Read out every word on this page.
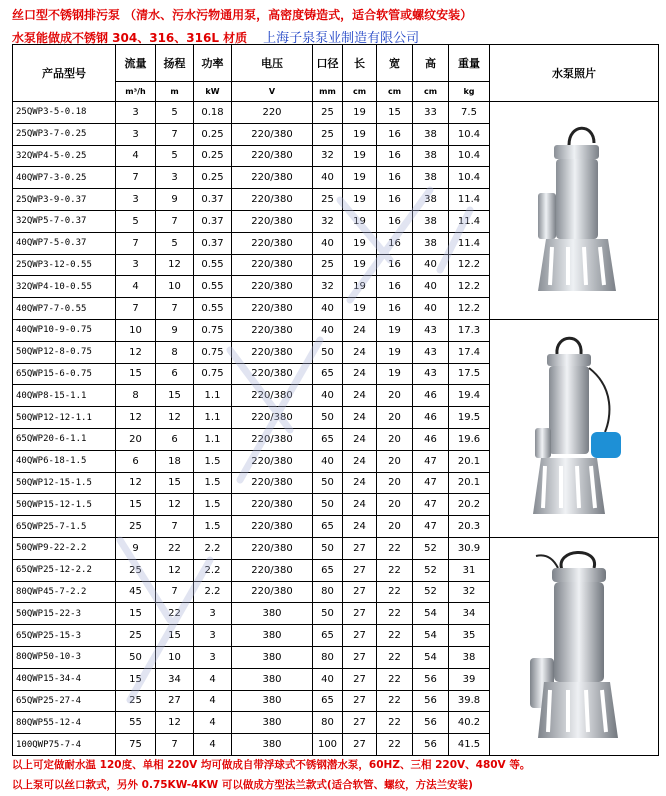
丝口型不锈钢排污泵 （清水、污水污物通用泵，高密度铸造式，适合软管或螺纹安装）
水泵能做成不锈钢 304、316、316L 材质 上海子泉泵业制造有限公司
产品型号	流量	扬程	功率	电压	口径	长	宽	高	重量	水泵照片
	m³/h	m	kW	V	mm	cm	cm	cm	kg	
25QWP3-5-0.18	3	5	0.18	220	25	19	15	33	7.5	

25QWP3-7-0.25	3	7	0.25	220/380	25	19	16	38	10.4	
32QWP4-5-0.25	4	5	0.25	220/380	32	19	16	38	10.4	
40QWP7-3-0.25	7	3	0.25	220/380	40	19	16	38	10.4	
25QWP3-9-0.37	3	9	0.37	220/380	25	19	16	38	11.4	
32QWP5-7-0.37	5	7	0.37	220/380	32	19	16	38	11.4	
40QWP7-5-0.37	7	5	0.37	220/380	40	19	16	38	11.4	
25QWP3-12-0.55	3	12	0.55	220/380	25	19	16	40	12.2	
32QWP4-10-0.55	4	10	0.55	220/380	32	19	16	40	12.2	
40QWP7-7-0.55	7	7	0.55	220/380	40	19	16	40	12.2	
40QWP10-9-0.75	10	9	0.75	220/380	40	24	19	43	17.3	

50QWP12-8-0.75	12	8	0.75	220/380	50	24	19	43	17.4	
65QWP15-6-0.75	15	6	0.75	220/380	65	24	19	43	17.5	
40QWP8-15-1.1	8	15	1.1	220/380	40	24	20	46	19.4	
50QWP12-12-1.1	12	12	1.1	220/380	50	24	20	46	19.5	
65QWP20-6-1.1	20	6	1.1	220/380	65	24	20	46	19.6	
40QWP6-18-1.5	6	18	1.5	220/380	40	24	20	47	20.1	
50QWP12-15-1.5	12	15	1.5	220/380	50	24	20	47	20.1	
50QWP15-12-1.5	15	12	1.5	220/380	50	24	20	47	20.2	
65QWP25-7-1.5	25	7	1.5	220/380	65	24	20	47	20.3	
50QWP9-22-2.2	9	22	2.2	220/380	50	27	22	52	30.9	

65QWP25-12-2.2	25	12	2.2	220/380	65	27	22	52	31	
80QWP45-7-2.2	45	7	2.2	220/380	80	27	22	52	32	
50QWP15-22-3	15	22	3	380	50	27	22	54	34	
65QWP25-15-3	25	15	3	380	65	27	22	54	35	
80QWP50-10-3	50	10	3	380	80	27	22	54	38	
40QWP15-34-4	15	34	4	380	40	27	22	56	39	
65QWP25-27-4	25	27	4	380	65	27	22	56	39.8	
80QWP55-12-4	55	12	4	380	80	27	22	56	40.2	
100QWP75-7-4	75	7	4	380	100	27	22	56	41.5	
以上可定做耐水温 120度、单相 220V 均可做成自带浮球式不锈钢潜水泵，60HZ、三相 220V、480V 等。
以上泵可以丝口款式，另外 0.75KW-4KW 可以做成方型法兰款式(适合软管、螺纹，方法兰安装)
